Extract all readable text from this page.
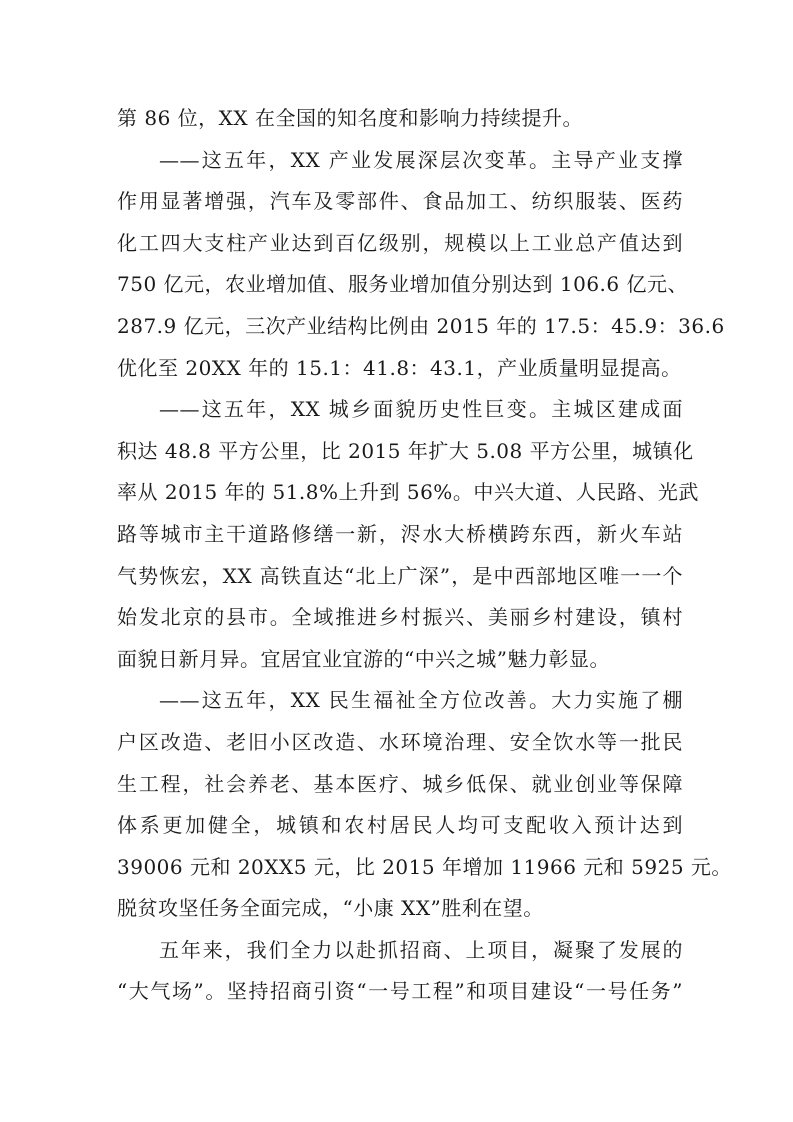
第 86 位，XX 在全国的知名度和影响力持续提升。
——这五年，XX 产业发展深层次变革。主导产业支撑
作用显著增强，汽车及零部件、食品加工、纺织服装、医药
化工四大支柱产业达到百亿级别，规模以上工业总产值达到
750 亿元，农业增加值、服务业增加值分别达到 106.6 亿元、
287.9 亿元，三次产业结构比例由 2015 年的 17.5：45.9：36.6
优化至 20XX 年的 15.1：41.8：43.1，产业质量明显提高。
——这五年，XX 城乡面貌历史性巨变。主城区建成面
积达 48.8 平方公里，比 2015 年扩大 5.08 平方公里，城镇化
率从 2015 年的 51.8%上升到 56%。中兴大道、人民路、光武
路等城市主干道路修缮一新，浕水大桥横跨东西，新火车站
气势恢宏，XX 高铁直达“北上广深”，是中西部地区唯一一个
始发北京的县市。全域推进乡村振兴、美丽乡村建设，镇村
面貌日新月异。宜居宜业宜游的“中兴之城”魅力彰显。
——这五年，XX 民生福祉全方位改善。大力实施了棚
户区改造、老旧小区改造、水环境治理、安全饮水等一批民
生工程，社会养老、基本医疗、城乡低保、就业创业等保障
体系更加健全，城镇和农村居民人均可支配收入预计达到
39006 元和 20XX5 元，比 2015 年增加 11966 元和 5925 元。
脱贫攻坚任务全面完成，“小康 XX”胜利在望。
五年来，我们全力以赴抓招商、上项目，凝聚了发展的
“大气场”。坚持招商引资“一号工程”和项目建设“一号任务”
